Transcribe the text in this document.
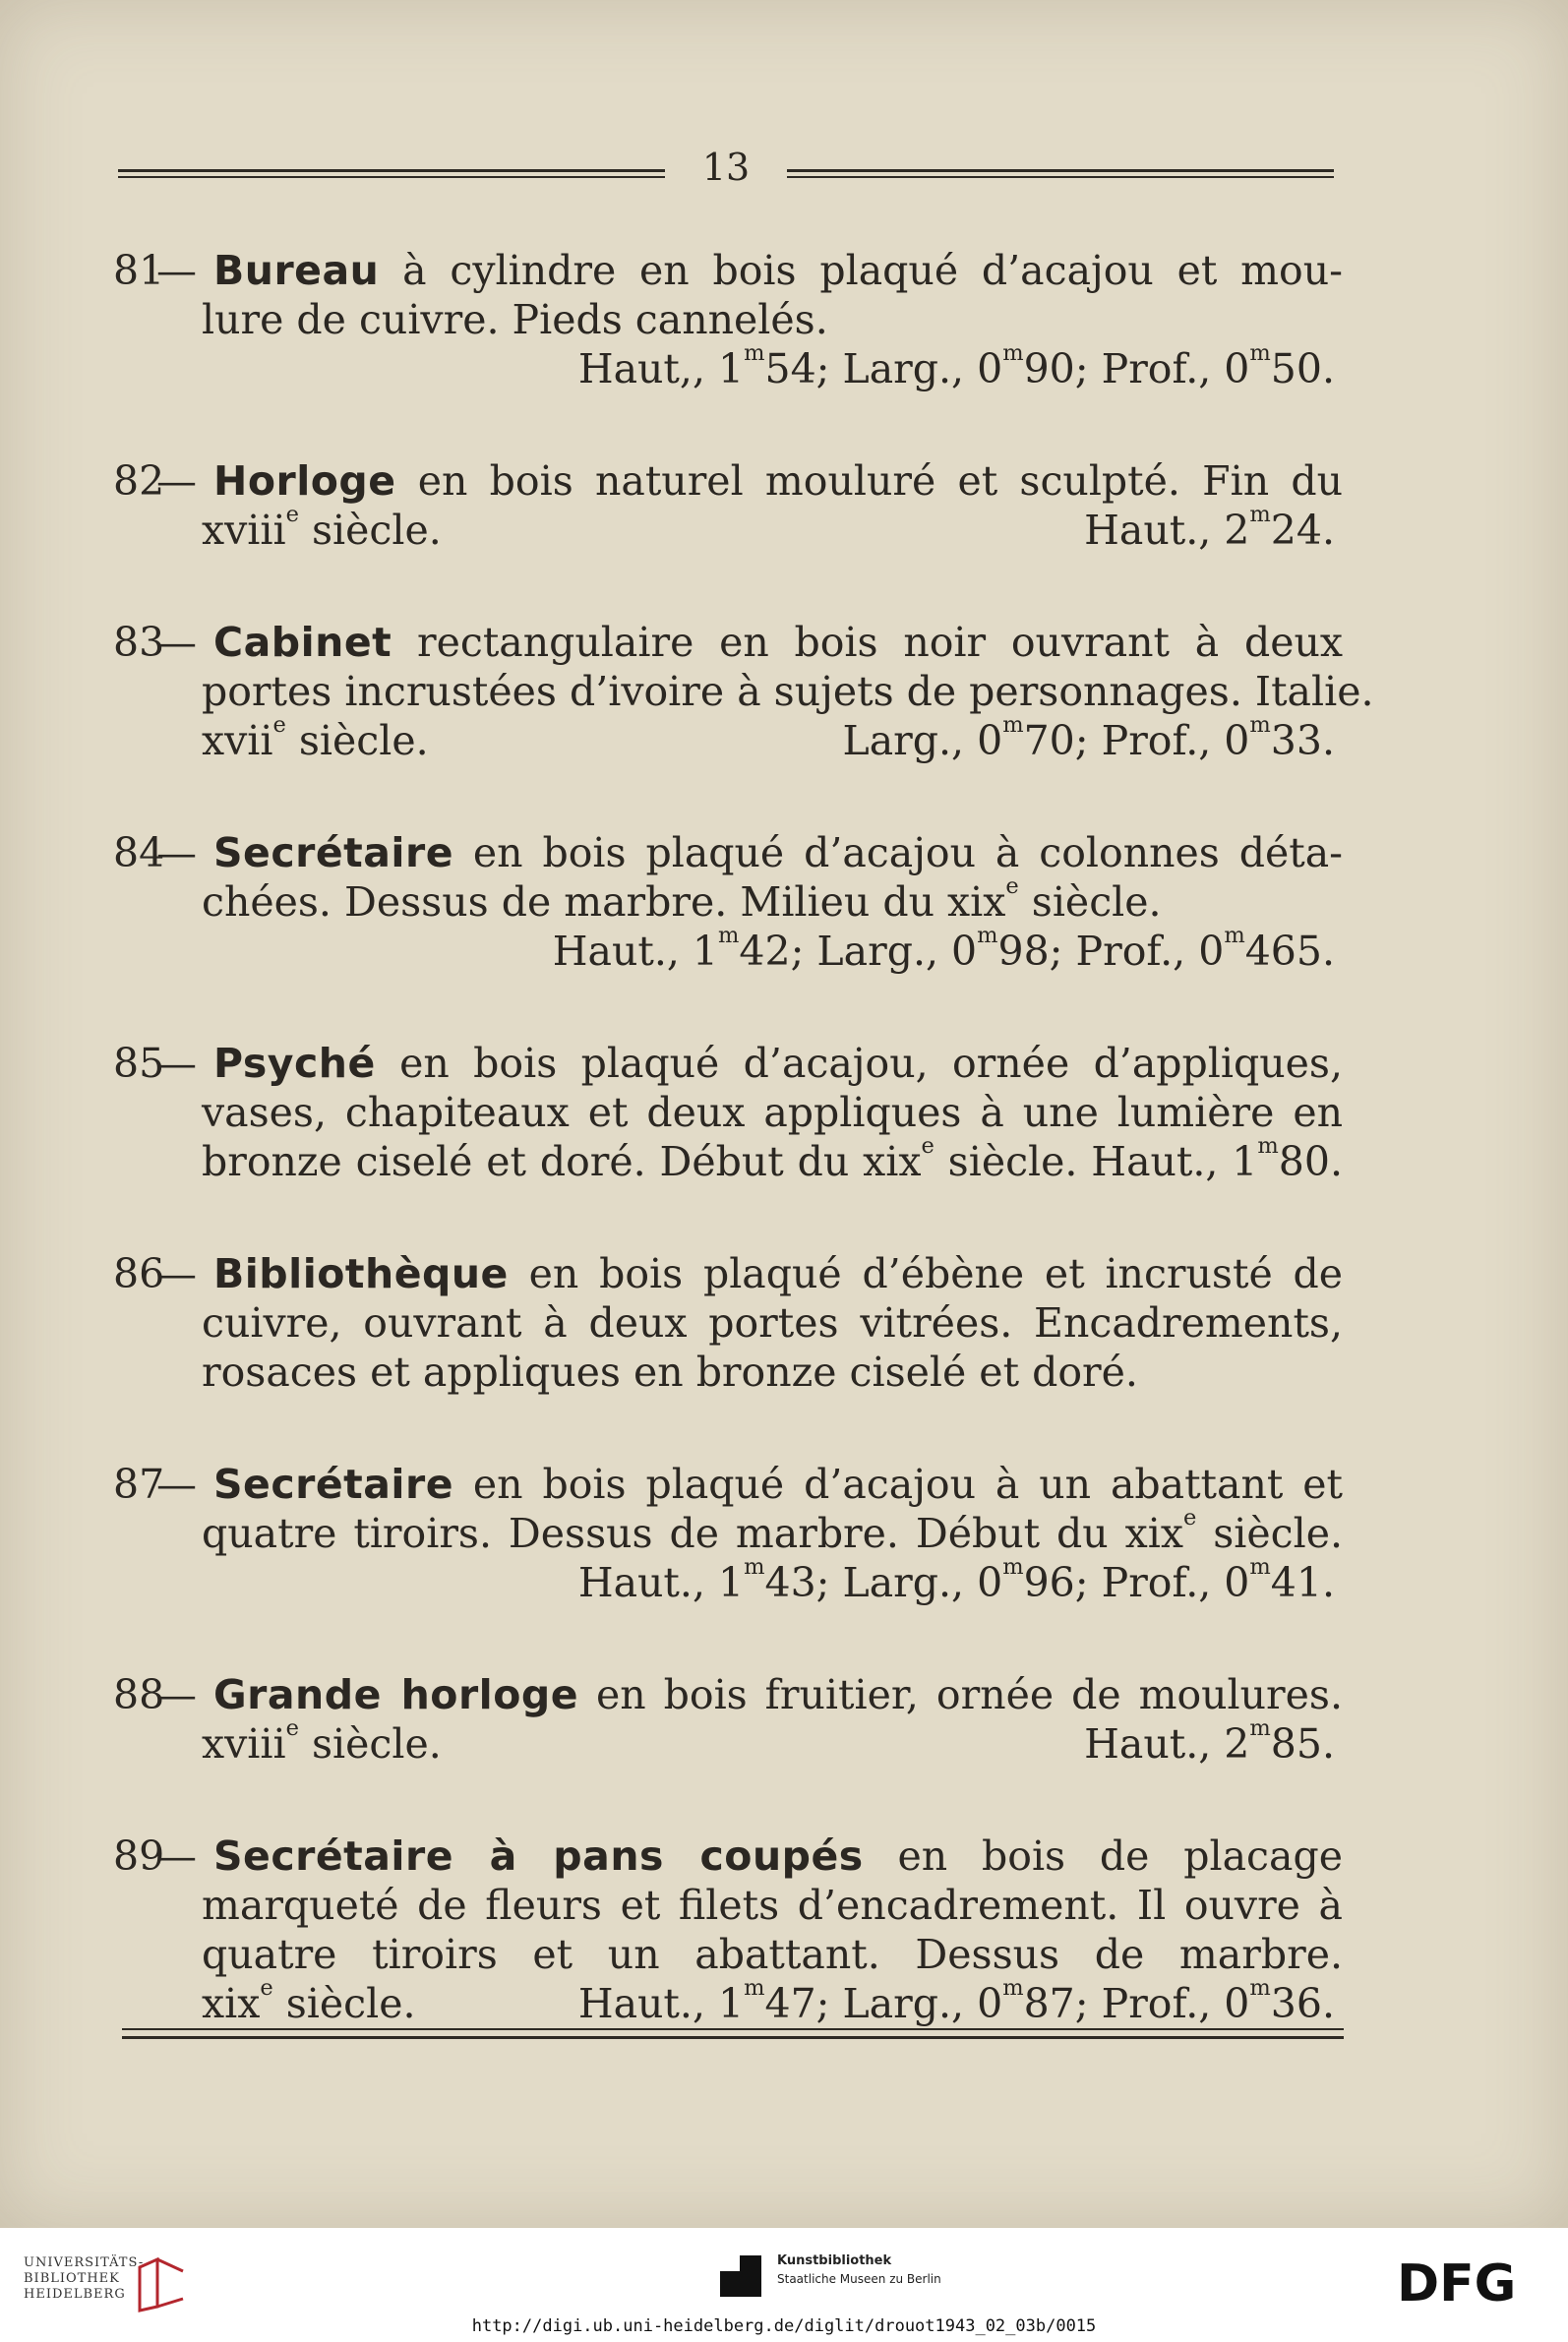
13
81— Bureau à cylindre en bois plaqué d’acajou et mou-
lure de cuivre. Pieds cannelés.
Haut,, 1$^m$54; Larg., 0$^m$90; Prof., 0$^m$50.
82— Horloge en bois naturel mouluré et sculpté. Fin du
xviii$^e$ siècle.	Haut., 2$^m$24.
83— Cabinet rectangulaire en bois noir ouvrant à deux
portes incrustées d’ivoire à sujets de personnages. Italie.
xvii$^e$ siècle.	Larg., 0$^m$70; Prof., 0$^m$33.
84— Secrétaire en bois plaqué d’acajou à colonnes déta-
chées. Dessus de marbre. Milieu du xix$^e$ siècle.
Haut., 1$^m$42; Larg., 0$^m$98; Prof., 0$^m$465.
85— Psyché en bois plaqué d’acajou, ornée d’appliques,
vases, chapiteaux et deux appliques à une lumière en
bronze ciselé et doré. Début du xix$^e$ siècle. Haut., 1$^m$80.
86— Bibliothèque en bois plaqué d’ébène et incrusté de
cuivre, ouvrant à deux portes vitrées. Encadrements,
rosaces et appliques en bronze ciselé et doré.
87— Secrétaire en bois plaqué d’acajou à un abattant et
quatre tiroirs. Dessus de marbre. Début du xix$^e$ siècle.
Haut., 1$^m$43; Larg., 0$^m$96; Prof., 0$^m$41.
88— Grande horloge en bois fruitier, ornée de moulures.
xviii$^e$ siècle.	Haut., 2$^m$85.
89— Secrétaire à pans coupés en bois de placage
marqueté de fleurs et filets d’encadrement. Il ouvre à
quatre tiroirs et un abattant. Dessus de marbre.
xix$^e$ siècle.	Haut., 1$^m$47; Larg., 0$^m$87; Prof., 0$^m$36.
UNIVERSITÄTS-
BIBLIOTHEK
HEIDELBERG
Kunstbibliothek
Staatliche Museen zu Berlin	DFG
http://digi.ub.uni-heidelberg.de/diglit/drouot1943_02_03b/0015
